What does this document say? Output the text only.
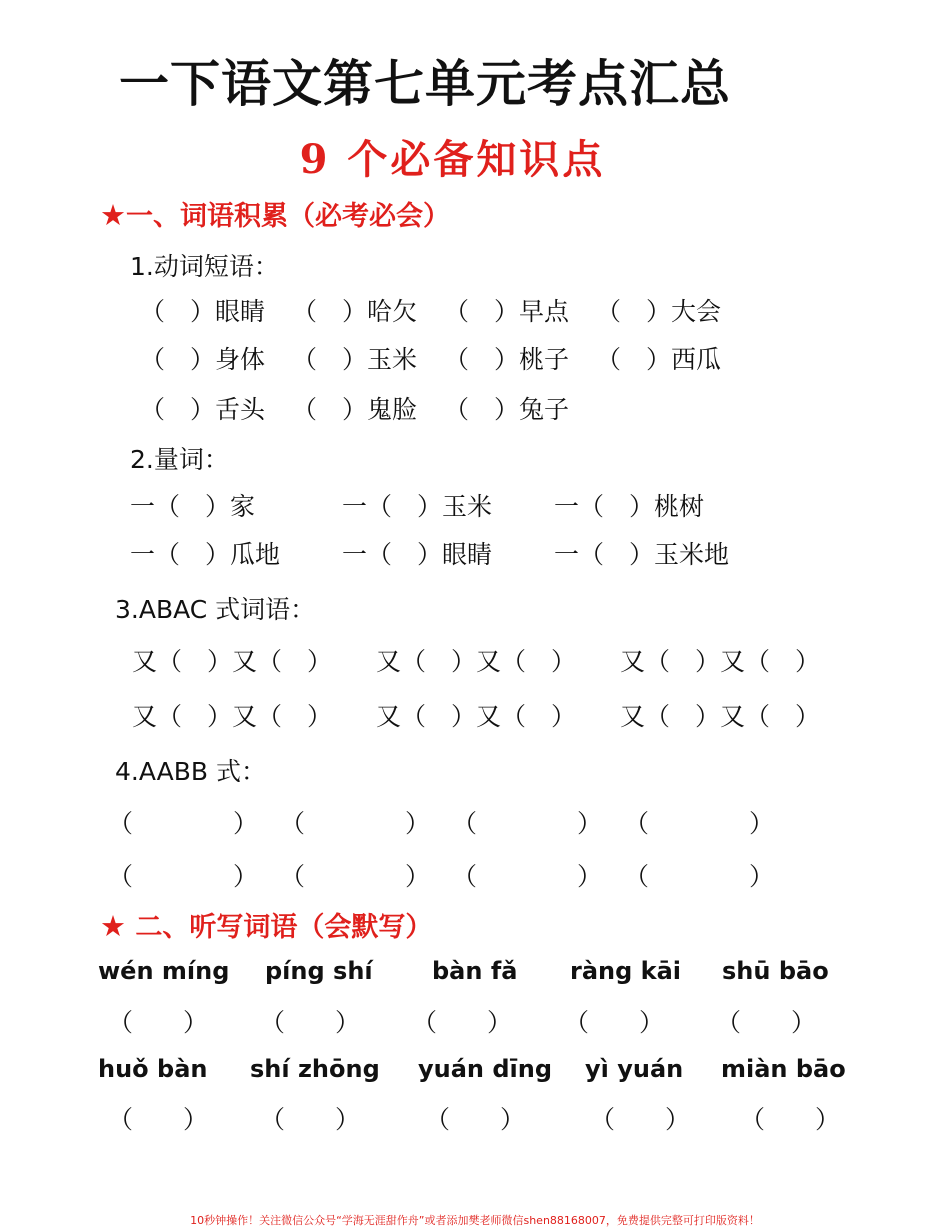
一下语文第七单元考点汇总
9 个必备知识点
★一、词语积累（必考必会）
1.动词短语：
（　）眼睛	（　）哈欠	（　）早点	（　）大会
（　）身体	（　）玉米	（　）桃子	（　）西瓜
（　）舌头	（　）鬼脸	（　）兔子
2.量词：
一（　）家	一（　）玉米	一（　）桃树
一（　）瓜地	一（　）眼睛	一（　）玉米地
3.ABAC 式词语：
又（　）又（　）	又（　）又（　）	又（　）又（　）
又（　）又（　）	又（　）又（　）	又（　）又（　）
4.AABB 式：
（　　　　） （　　　　） （　　　　） （　　　　）
（　　　　） （　　　　） （　　　　） （　　　　）
★ 二、听写词语（会默写）
wén míng	píng shí	bàn fǎ	ràng kāi	shū bāo
（　　）	（　　）	（　　）	（　　）	（　　）
huǒ bàn	shí zhōng	yuán dīng	yì yuán	miàn bāo
（　　）	（　　）	（　　）	（　　）	（　　）
10秒钟操作！关注微信公众号“学海无涯甜作舟”或者添加樊老师微信shen88168007，免费提供完整可打印版资料！
